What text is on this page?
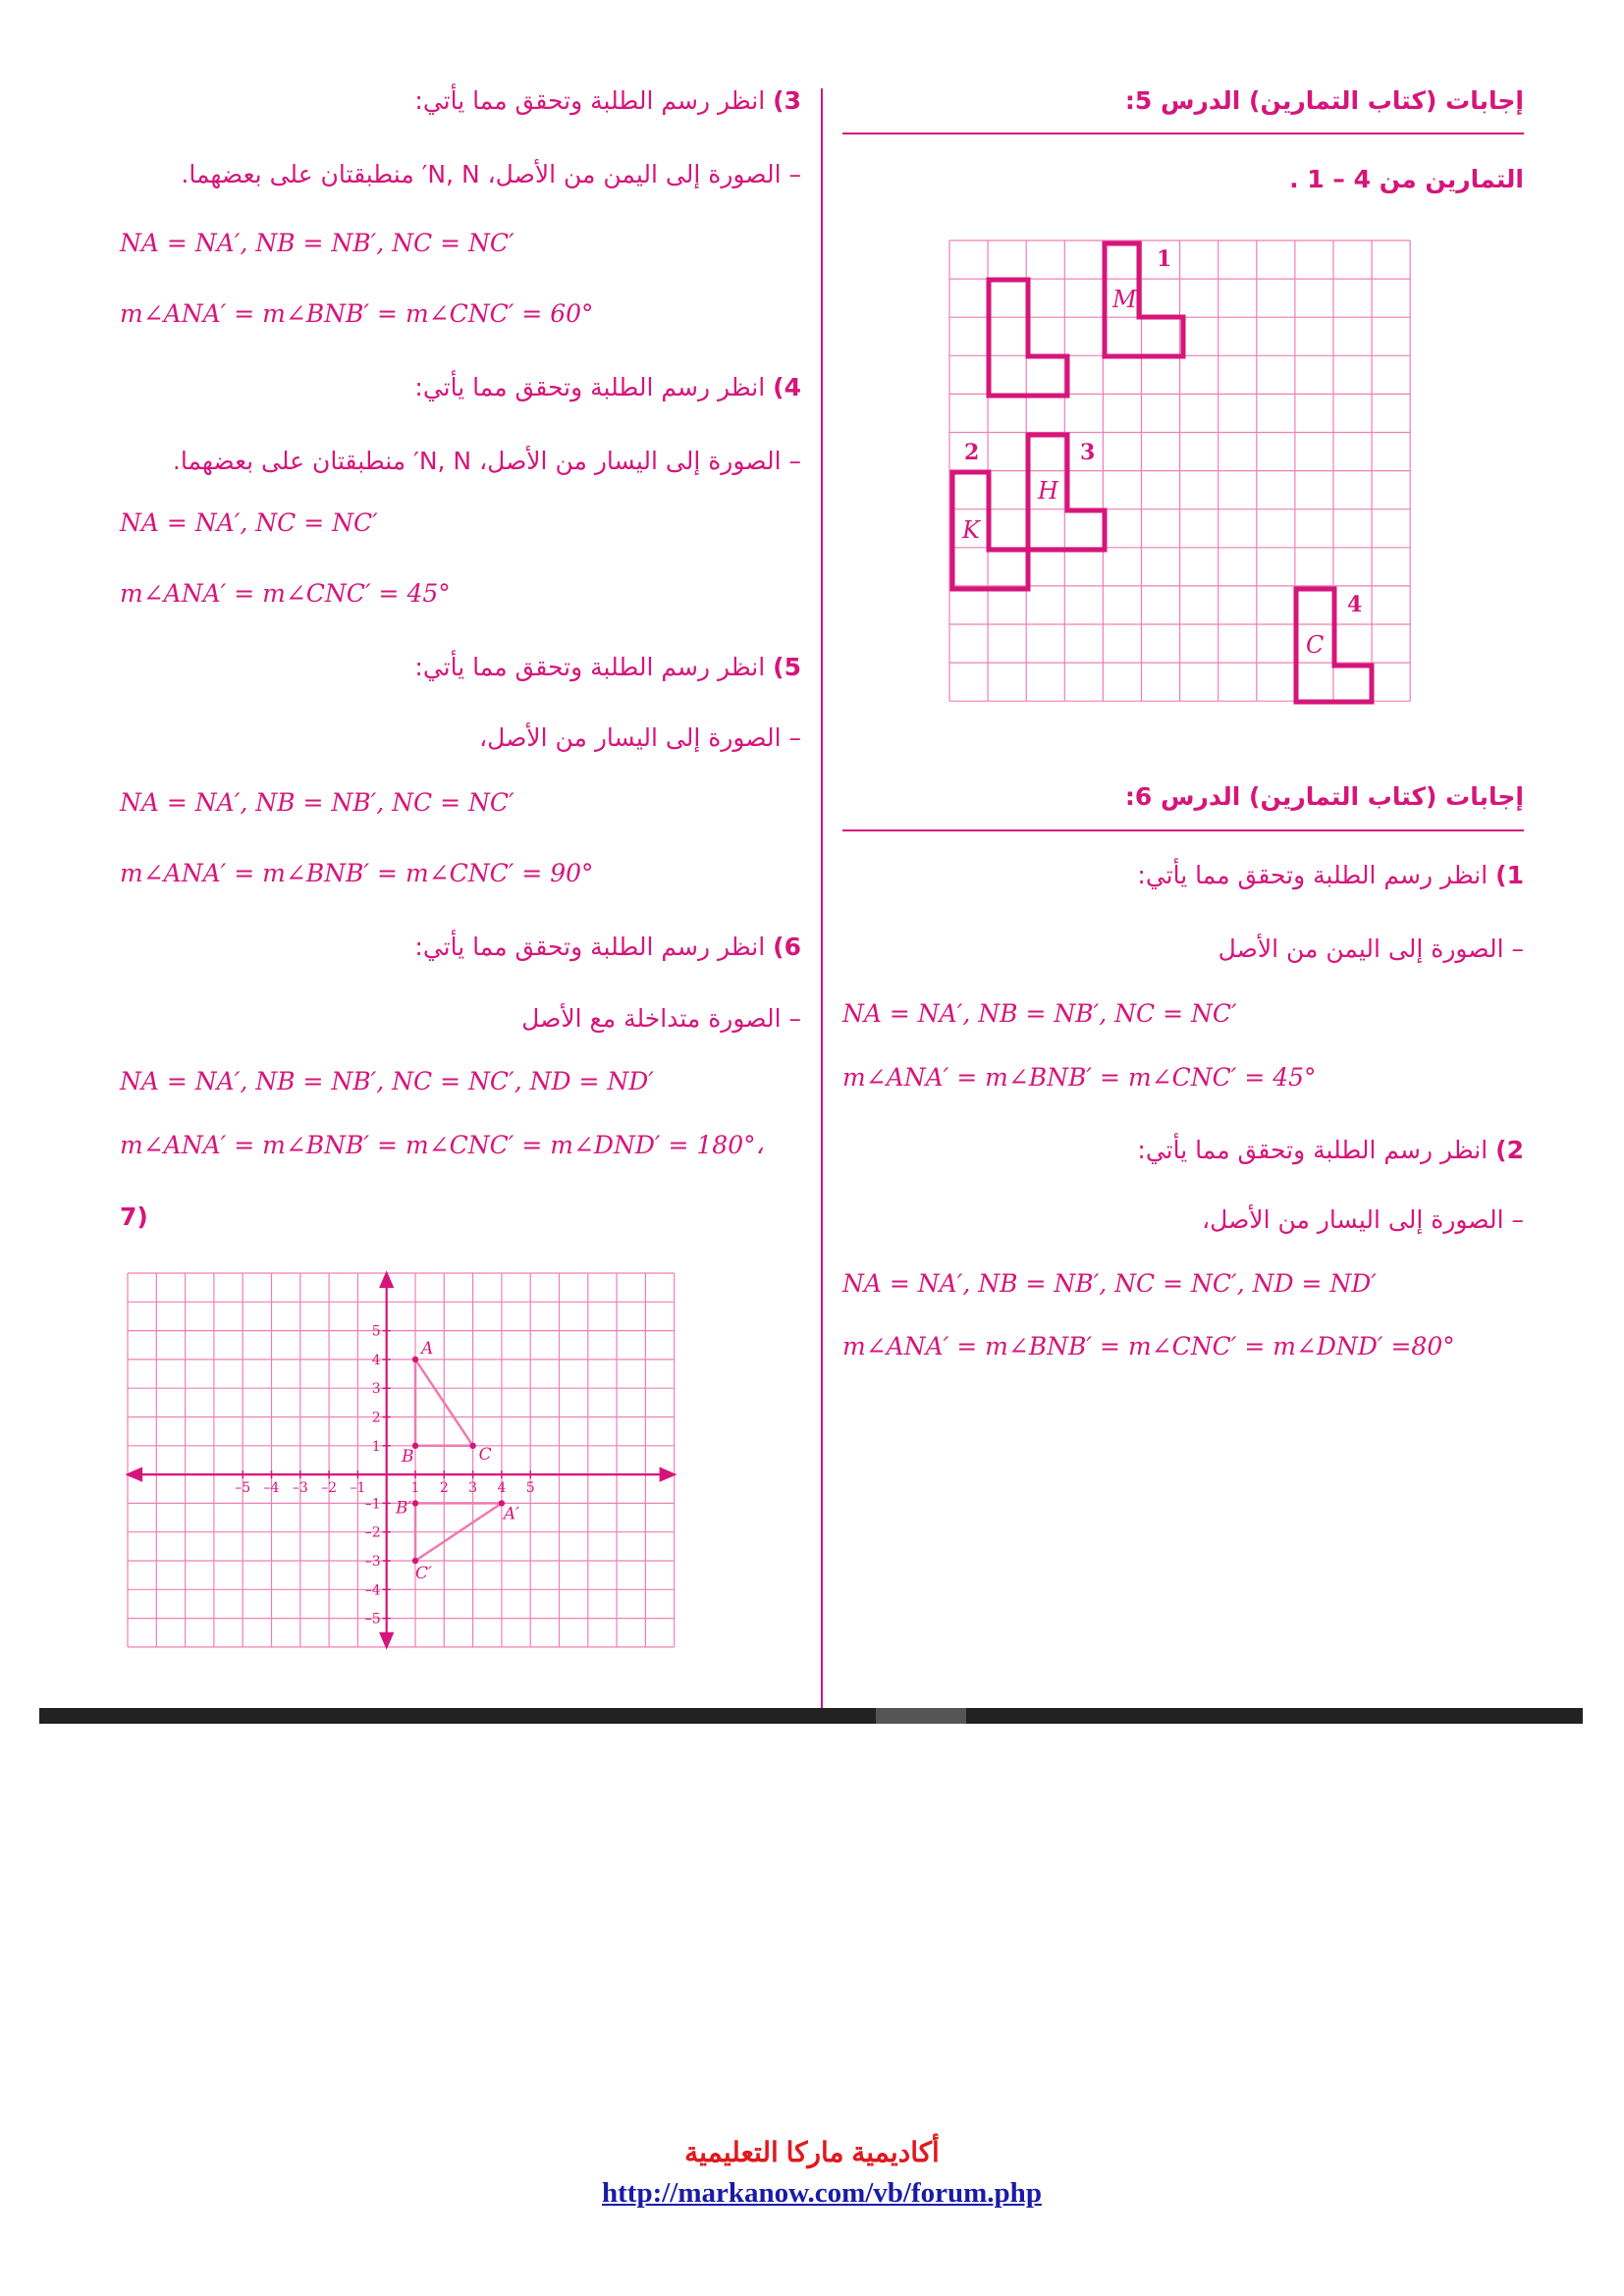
إجابات (كتاب التمارين) الدرس 5:
التمارين من 4 – 1 .
1
M
2	3
H
K
4
C
إجابات (كتاب التمارين) الدرس 6:
1) انظر رسم الطلبة وتحقق مما يأتي:
– الصورة إلى اليمن من الأصل
NA = NA′, NB = NB′, NC = NC′
m∠ANA′ = m∠BNB′ = m∠CNC′ = 45°
2) انظر رسم الطلبة وتحقق مما يأتي:
– الصورة إلى اليسار من الأصل،
NA = NA′, NB = NB′, NC = NC′, ND = ND′
m∠ANA′ = m∠BNB′ = m∠CNC′ = m∠DND′ =80°
3) انظر رسم الطلبة وتحقق مما يأتي:
– الصورة إلى اليمن من الأصل، N, N′ منطبقتان على بعضهما.
NA = NA′, NB = NB′, NC = NC′
m∠ANA′ = m∠BNB′ = m∠CNC′ = 60°
4) انظر رسم الطلبة وتحقق مما يأتي:
– الصورة إلى اليسار من الأصل، N, N′ منطبقتان على بعضهما.
NA = NA′, NC = NC′
m∠ANA′ = m∠CNC′ = 45°
5) انظر رسم الطلبة وتحقق مما يأتي:
– الصورة إلى اليسار من الأصل،
NA = NA′, NB = NB′, NC = NC′
m∠ANA′ = m∠BNB′ = m∠CNC′ = 90°
6) انظر رسم الطلبة وتحقق مما يأتي:
– الصورة متداخلة مع الأصل
NA = NA′, NB = NB′, NC = NC′, ND = ND′
m∠ANA′ = m∠BNB′ = m∠CNC′ = m∠DND′ = 180°،
7)
–5 –4 –3 –2 –1	1 2 3 4 5
5
4
3
2
1
–1
–2
–3
–4
–5
A
B	C
A′
B′
C′
أكاديمية ماركا التعليمية
http://markanow.com/vb/forum.php
